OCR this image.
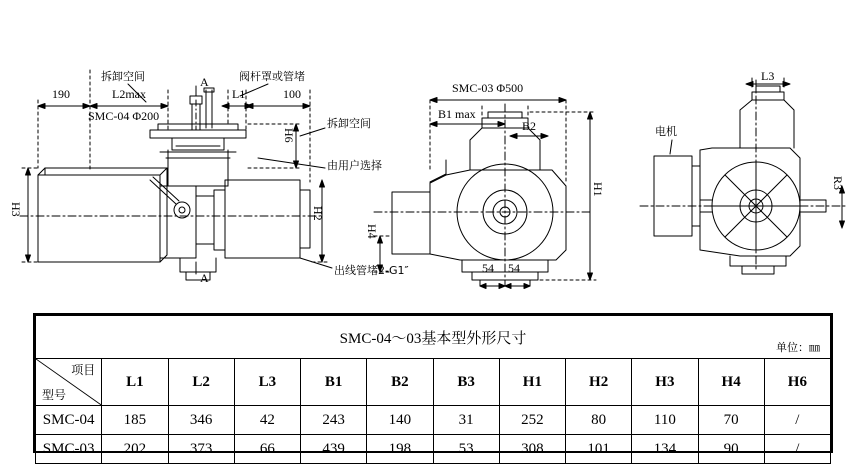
拆卸空间	阀杆罩或管堵
190	L2max	L1	100
A
SMC-04 Φ200
拆卸空间
H6
由用户选择
H3	H2
出线管堵2-G1″
A
SMC-03 Φ500
B1 max
B2
H1
H4
54 54
L3
电机
R3
SMC-04～03基本型外形尺寸
单位：㎜											

项目
型号	L1	L2	L3	B1	B2	B3	H1	H2	H3	H4	H6
SMC-04	185	346	42	243	140	31	252	80	110	70	/
SMC-03	202	373	66	439	198	53	308	101	134	90	/
